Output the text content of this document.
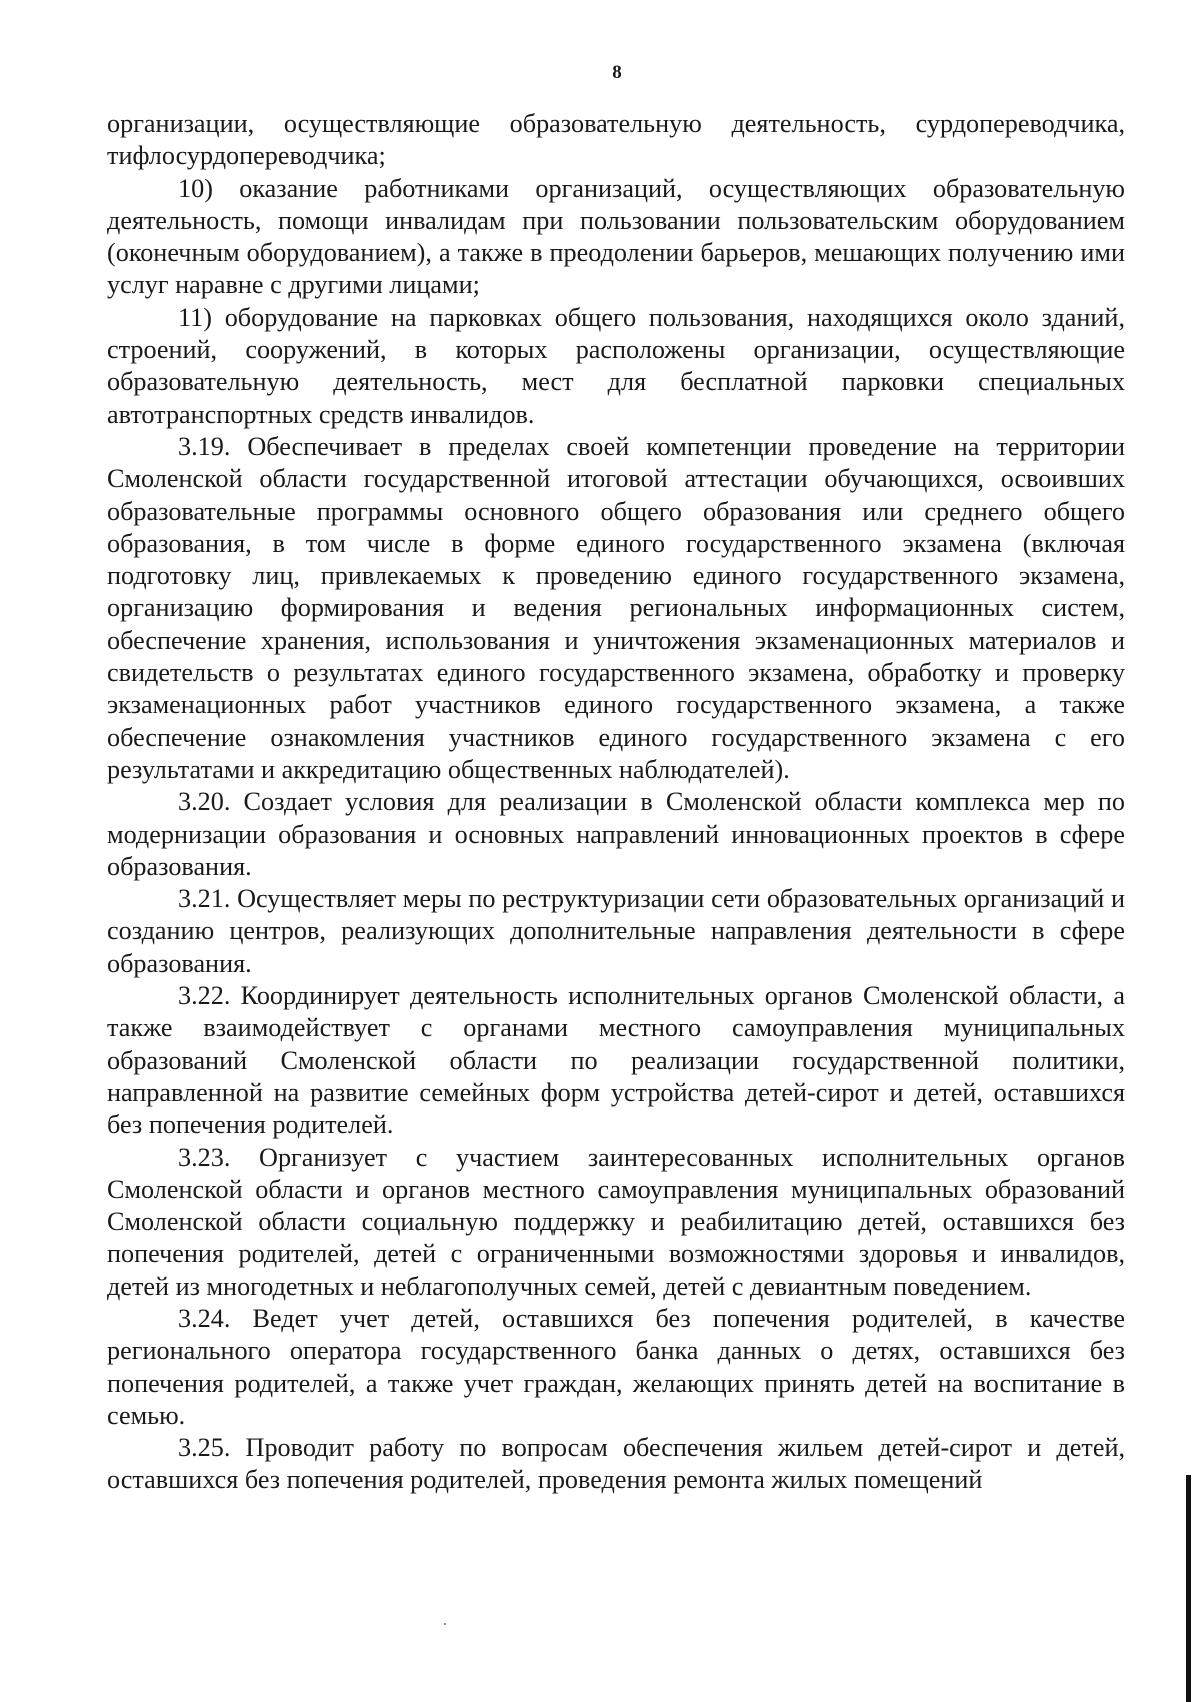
8

организации, осуществляющие образовательную деятельность, сурдопереводчика, тифлосурдопереводчика;

10) оказание работниками организаций, осуществляющих образовательную деятельность, помощи инвалидам при пользовании пользовательским оборудованием (оконечным оборудованием), а также в преодолении барьеров, мешающих получению ими услуг наравне с другими лицами;

11) оборудование на парковках общего пользования, находящихся около зданий, строений, сооружений, в которых расположены организации, осуществляющие образовательную деятельность, мест для бесплатной парковки специальных автотранспортных средств инвалидов.

3.19. Обеспечивает в пределах своей компетенции проведение на территории Смоленской области государственной итоговой аттестации обучающихся, освоивших образовательные программы основного общего образования или среднего общего образования, в том числе в форме единого государственного экзамена (включая подготовку лиц, привлекаемых к проведению единого государственного экзамена, организацию формирования и ведения региональных информационных систем, обеспечение хранения, использования и уничтожения экзаменационных материалов и свидетельств о результатах единого государственного экзамена, обработку и проверку экзаменационных работ участников единого государственного экзамена, а также обеспечение ознакомления участников единого государственного экзамена с его результатами и аккредитацию общественных наблюдателей).

3.20. Создает условия для реализации в Смоленской области комплекса мер по модернизации образования и основных направлений инновационных проектов в сфере образования.

3.21. Осуществляет меры по реструктуризации сети образовательных организаций и созданию центров, реализующих дополнительные направления деятельности в сфере образования.

3.22. Координирует деятельность исполнительных органов Смоленской области, а также взаимодействует с органами местного самоуправления муниципальных образований Смоленской области по реализации государственной политики, направленной на развитие семейных форм устройства детей-сирот и детей, оставшихся без попечения родителей.

3.23. Организует с участием заинтересованных исполнительных органов Смоленской области и органов местного самоуправления муниципальных образований Смоленской области социальную поддержку и реабилитацию детей, оставшихся без попечения родителей, детей с ограниченными возможностями здоровья и инвалидов, детей из многодетных и неблагополучных семей, детей с девиантным поведением.

3.24. Ведет учет детей, оставшихся без попечения родителей, в качестве регионального оператора государственного банка данных о детях, оставшихся без попечения родителей, а также учет граждан, желающих принять детей на воспитание в семью.

3.25. Проводит работу по вопросам обеспечения жильем детей-сирот и детей, оставшихся без попечения родителей, проведения ремонта жилых помещений
